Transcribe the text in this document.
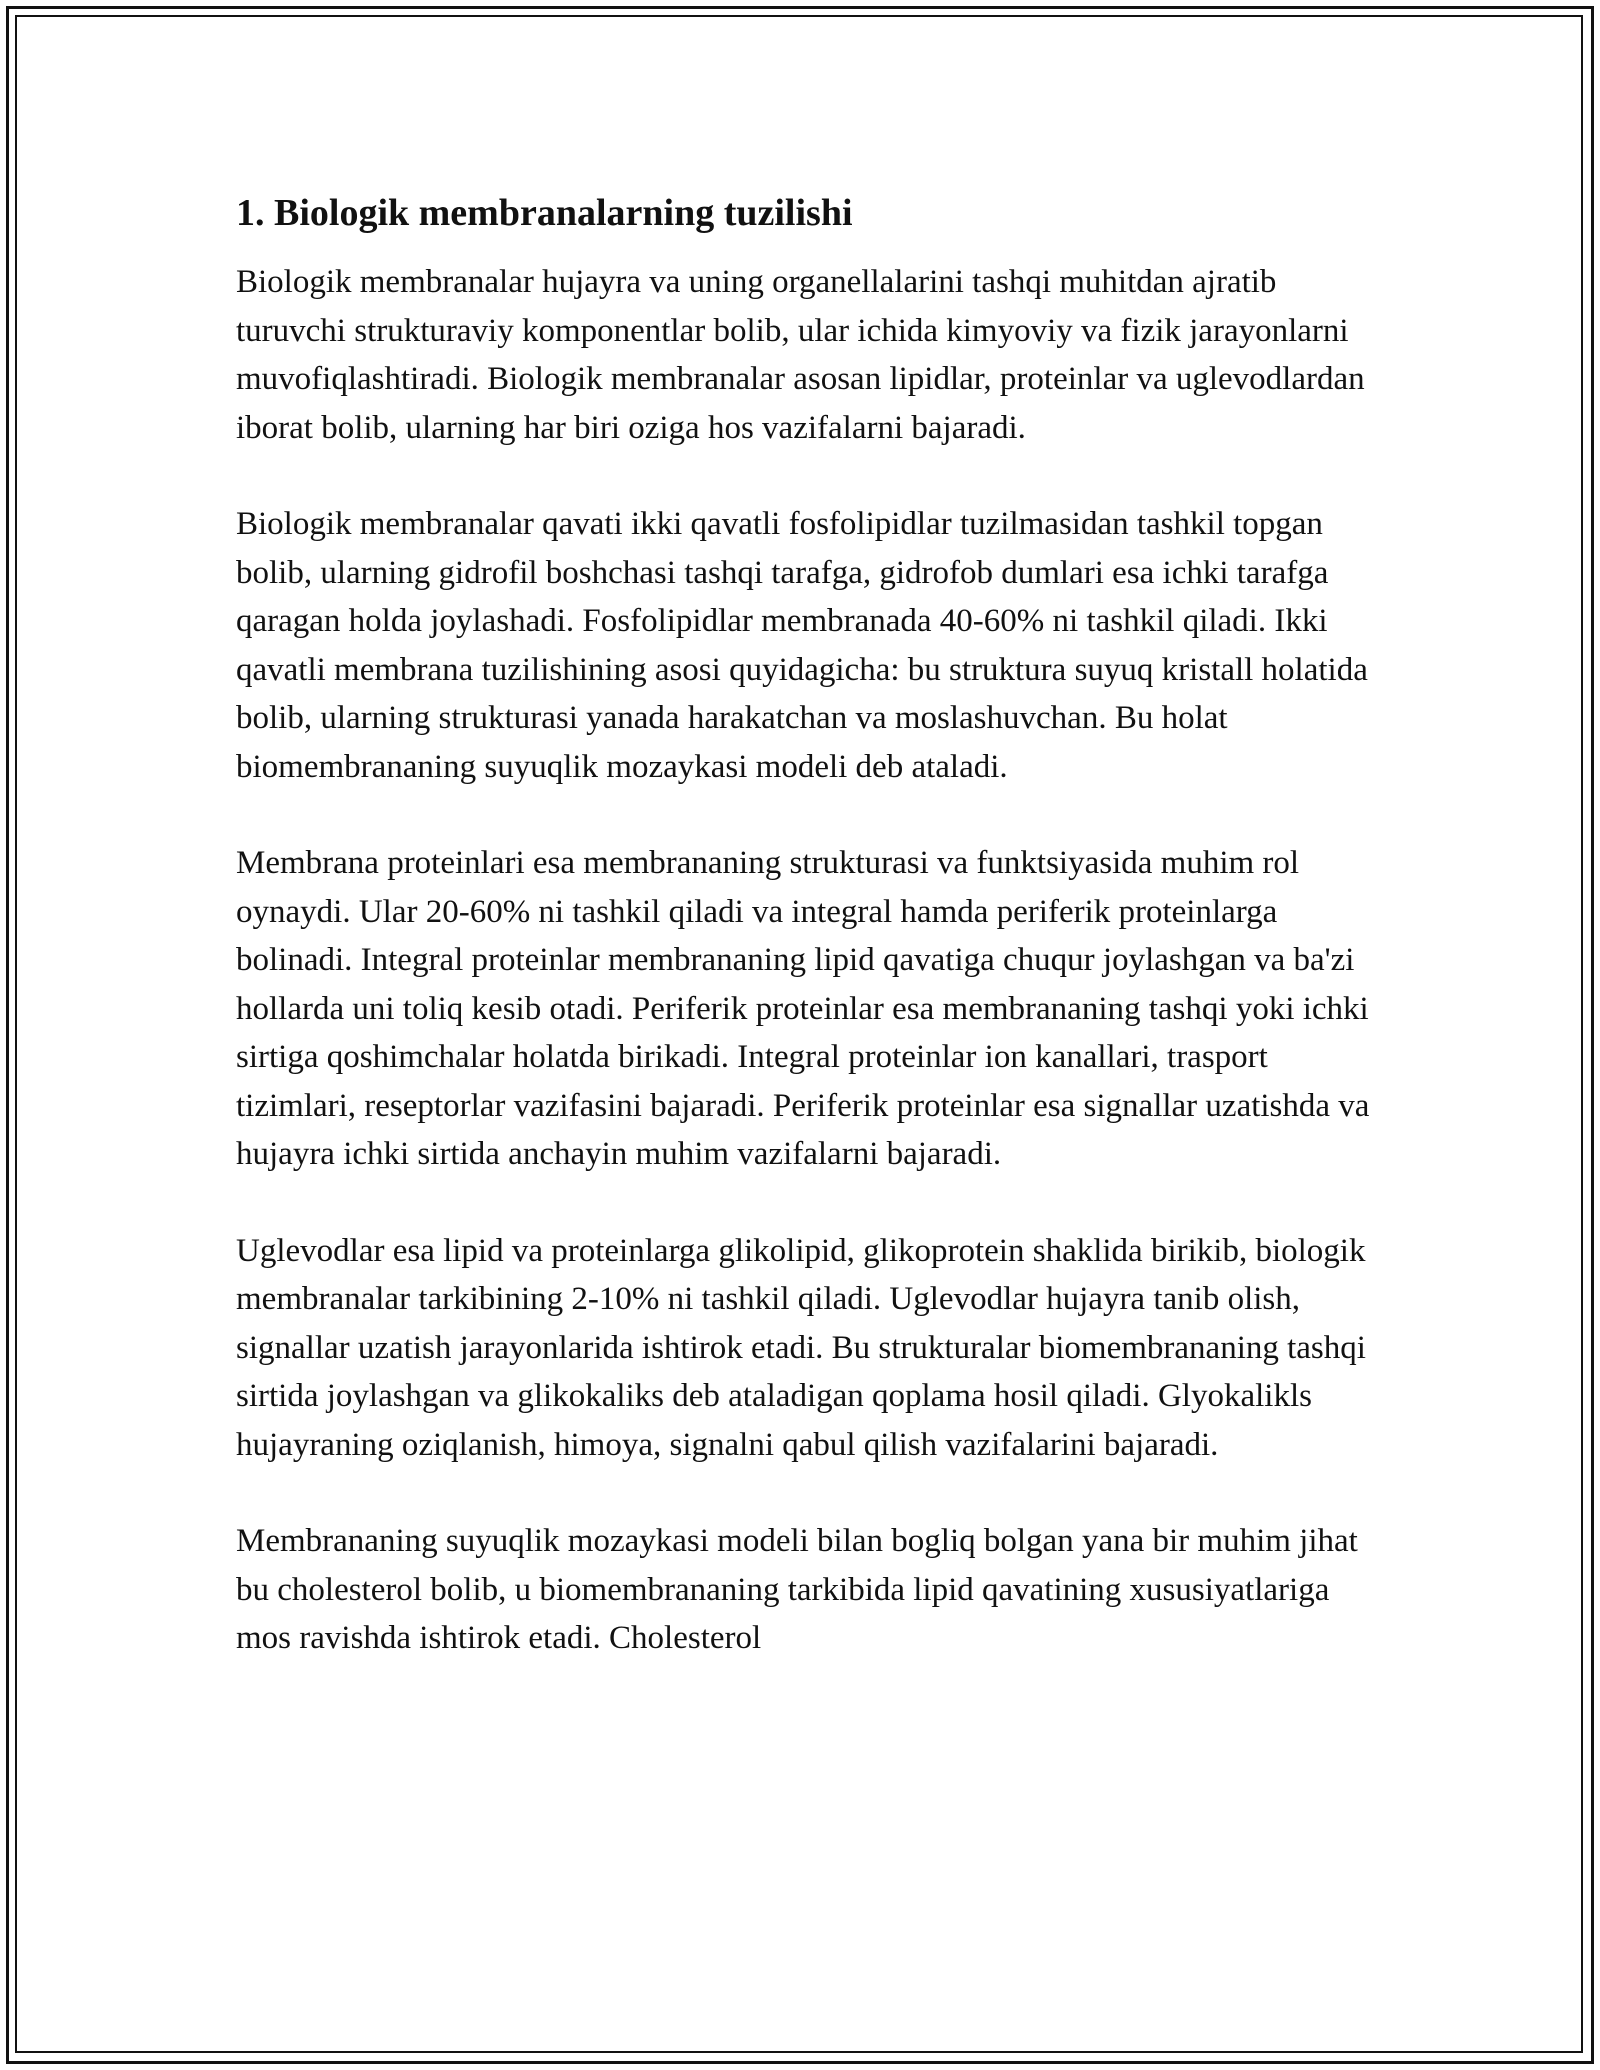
1. Biologik membranalarning tuzilishi

Biologik membranalar hujayra va uning organellalarini tashqi muhitdan ajratib turuvchi strukturaviy komponentlar bolib, ular ichida kimyoviy va fizik jarayonlarni muvofiqlashtiradi. Biologik membranalar asosan lipidlar, proteinlar va uglevodlardan iborat bolib, ularning har biri oziga hos vazifalarni bajaradi.

Biologik membranalar qavati ikki qavatli fosfolipidlar tuzilmasidan tashkil topgan bolib, ularning gidrofil boshchasi tashqi tarafga, gidrofob dumlari esa ichki tarafga qaragan holda joylashadi. Fosfolipidlar membranada 40-60% ni tashkil qiladi. Ikki qavatli membrana tuzilishining asosi quyidagicha: bu struktura suyuq kristall holatida bolib, ularning strukturasi yanada harakatchan va moslashuvchan. Bu holat biomembrananing suyuqlik mozaykasi modeli deb ataladi.

Membrana proteinlari esa membrananing strukturasi va funktsiyasida muhim rol oynaydi. Ular 20-60% ni tashkil qiladi va integral hamda periferik proteinlarga bolinadi. Integral proteinlar membrananing lipid qavatiga chuqur joylashgan va ba'zi hollarda uni toliq kesib otadi. Periferik proteinlar esa membrananing tashqi yoki ichki sirtiga qoshimchalar holatda birikadi. Integral proteinlar ion kanallari, trasport tizimlari, reseptorlar vazifasini bajaradi. Periferik proteinlar esa signallar uzatishda va hujayra ichki sirtida anchayin muhim vazifalarni bajaradi.

Uglevodlar esa lipid va proteinlarga glikolipid, glikoprotein shaklida birikib, biologik membranalar tarkibining 2-10% ni tashkil qiladi. Uglevodlar hujayra tanib olish, signallar uzatish jarayonlarida ishtirok etadi. Bu strukturalar biomembrananing tashqi sirtida joylashgan va glikokaliks deb ataladigan qoplama hosil qiladi. Glyokalikls hujayraning oziqlanish, himoya, signalni qabul qilish vazifalarini bajaradi.

Membrananing suyuqlik mozaykasi modeli bilan bogliq bolgan yana bir muhim jihat bu cholesterol bolib, u biomembrananing tarkibida lipid qavatining xususiyatlariga mos ravishda ishtirok etadi. Cholesterol
